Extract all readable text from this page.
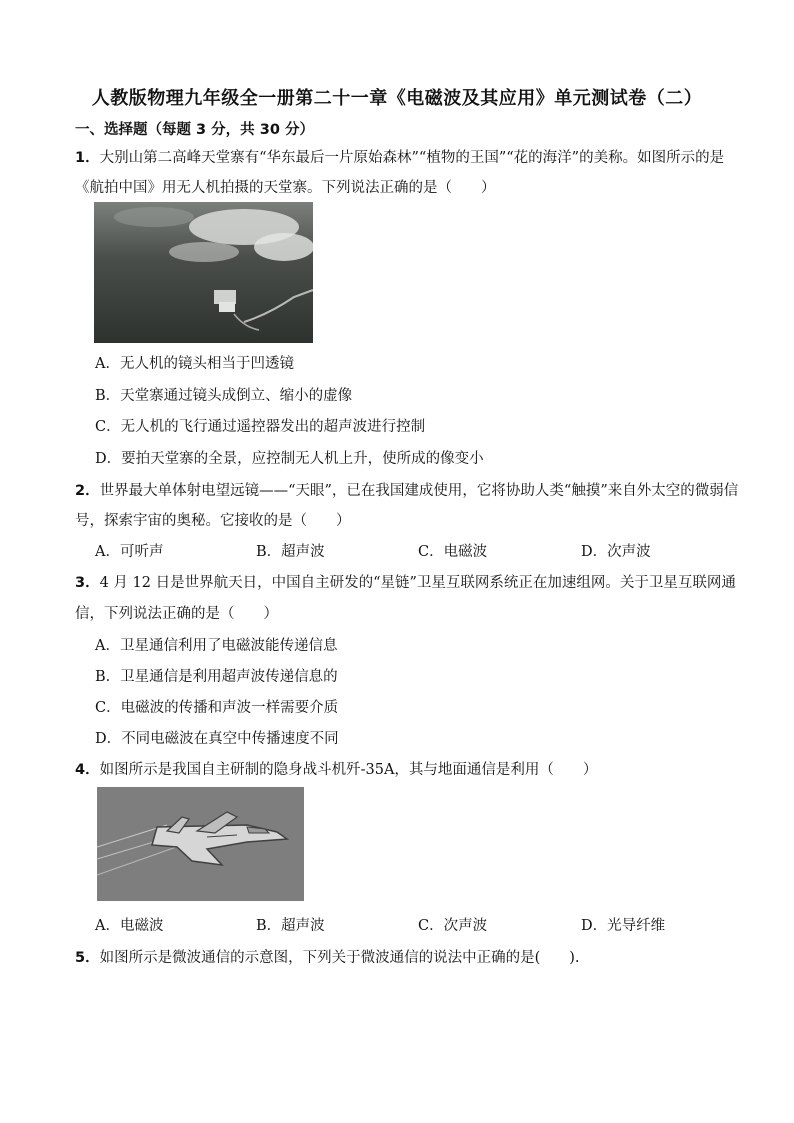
人教版物理九年级全一册第二十一章《电磁波及其应用》单元测试卷（二）
一、选择题（每题 3 分，共 30 分）
1．大别山第二高峰天堂寨有“华东最后一片原始森林”“植物的王国”“花的海洋”的美称。如图所示的是
《航拍中国》用无人机拍摄的天堂寨。下列说法正确的是（　　）
A．无人机的镜头相当于凹透镜
B．天堂寨通过镜头成倒立、缩小的虚像
C．无人机的飞行通过遥控器发出的超声波进行控制
D．要拍天堂寨的全景，应控制无人机上升，使所成的像变小
2．世界最大单体射电望远镜——“天眼”，已在我国建成使用，它将协助人类“触摸”来自外太空的微弱信
号，探索宇宙的奥秘。它接收的是（　　）
A．可听声	B．超声波	C．电磁波	D．次声波
3．4 月 12 日是世界航天日，中国自主研发的“星链”卫星互联网系统正在加速组网。关于卫星互联网通
信，下列说法正确的是（　　）
A．卫星通信利用了电磁波能传递信息
B．卫星通信是利用超声波传递信息的
C．电磁波的传播和声波一样需要介质
D．不同电磁波在真空中传播速度不同
4．如图所示是我国自主研制的隐身战斗机歼-35A，其与地面通信是利用（　　）
A．电磁波	B．超声波	C．次声波	D．光导纤维
5．如图所示是微波通信的示意图，下列关于微波通信的说法中正确的是(　　).
